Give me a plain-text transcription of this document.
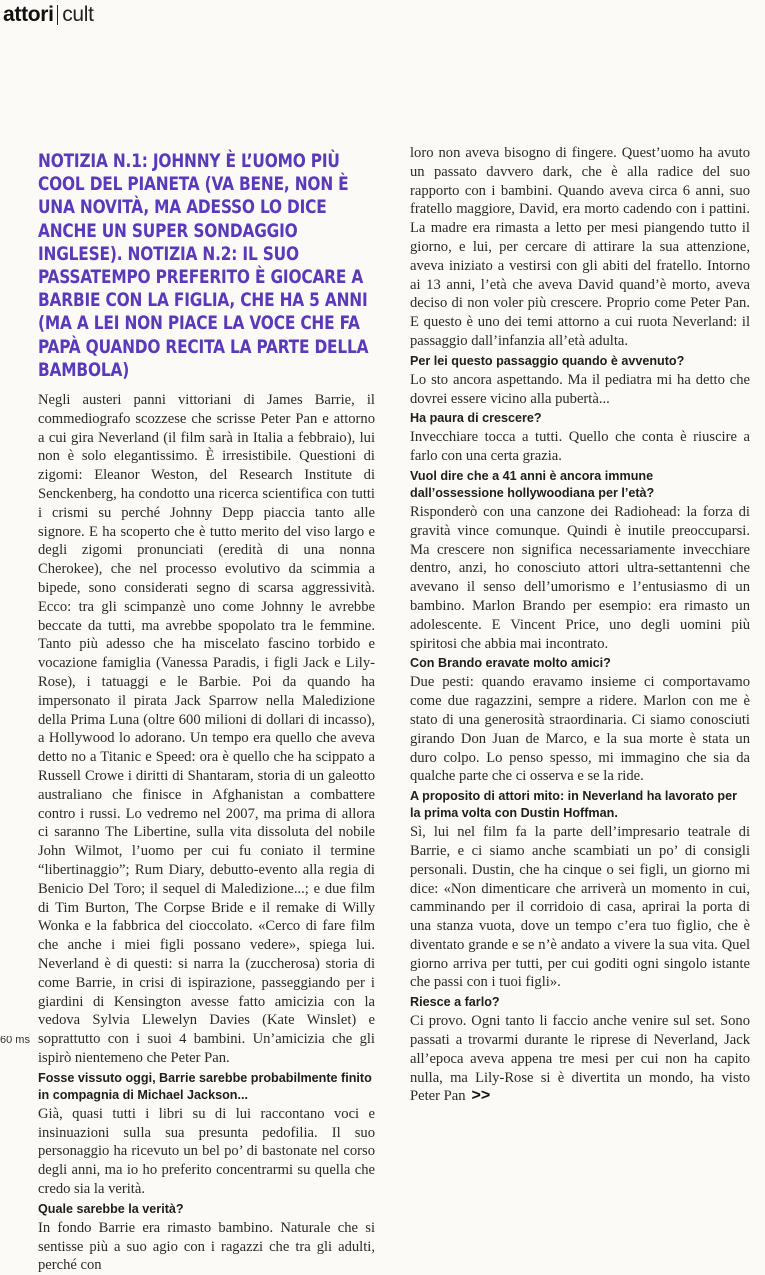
attori cult
NOTIZIA N.1: JOHNNY È L’UOMO PIÙ COOL DEL PIANETA (VA BENE, NON È UNA NOVITÀ, MA ADESSO LO DICE ANCHE UN SUPER SONDAGGIO INGLESE). NOTIZIA N.2: IL SUO PASSATEMPO PREFERITO È GIOCARE A BARBIE CON LA FIGLIA, CHE HA 5 ANNI (MA A LEI NON PIACE LA VOCE CHE FA PAPÀ QUANDO RECITA LA PARTE DELLA BAMBOLA)

Negli austeri panni vittoriani di James Barrie, il commediografo scozzese che scrisse Peter Pan e attorno a cui gira Neverland (il film sarà in Italia a febbraio), lui non è solo elegantissimo. È irresistibile. Questioni di zigomi: Eleanor Weston, del Research Institute di Senckenberg, ha condotto una ricerca scientifica con tutti i crismi su perché Johnny Depp piaccia tanto alle signore. E ha scoperto che è tutto merito del viso largo e degli zigomi pronunciati (eredità di una nonna Cherokee), che nel processo evolutivo da scimmia a bipede, sono considerati segno di scarsa aggressività. Ecco: tra gli scimpanzè uno come Johnny le avrebbe beccate da tutti, ma avrebbe spopolato tra le femmine. Tanto più adesso che ha miscelato fascino torbido e vocazione famiglia (Vanessa Paradis, i figli Jack e Lily-Rose), i tatuaggi e le Barbie. Poi da quando ha impersonato il pirata Jack Sparrow nella Maledizione della Prima Luna (oltre 600 milioni di dollari di incasso), a Hollywood lo adorano. Un tempo era quello che aveva detto no a Titanic e Speed: ora è quello che ha scippato a Russell Crowe i diritti di Shantaram, storia di un galeotto australiano che finisce in Afghanistan a combattere contro i russi. Lo vedremo nel 2007, ma prima di allora ci saranno The Libertine, sulla vita dissoluta del nobile John Wilmot, l’uomo per cui fu coniato il termine “libertinaggio”; Rum Diary, debutto-evento alla regia di Benicio Del Toro; il sequel di Maledizione...; e due film di Tim Burton, The Corpse Bride e il remake di Willy Wonka e la fabbrica del cioccolato. «Cerco di fare film che anche i miei figli possano vedere», spiega lui. Neverland è di questi: si narra la (zuccherosa) storia di come Barrie, in crisi di ispirazione, passeggiando per i giardini di Kensington avesse fatto amicizia con la vedova Sylvia Llewelyn Davies (Kate Winslet) e soprattutto con i suoi 4 bambini. Un’amicizia che gli ispirò nientemeno che Peter Pan.

Fosse vissuto oggi, Barrie sarebbe probabilmente finito in compagnia di Michael Jackson...

Già, quasi tutti i libri su di lui raccontano voci e insinuazioni sulla sua presunta pedofilia. Il suo personaggio ha ricevuto un bel po’ di bastonate nel corso degli anni, ma io ho preferito concentrarmi su quella che credo sia la verità.

Quale sarebbe la verità?

In fondo Barrie era rimasto bambino. Naturale che si sentisse più a suo agio con i ragazzi che tra gli adulti, perché con

loro non aveva bisogno di fingere. Quest’uomo ha avuto un passato davvero dark, che è alla radice del suo rapporto con i bambini. Quando aveva circa 6 anni, suo fratello maggiore, David, era morto cadendo con i pattini. La madre era rimasta a letto per mesi piangendo tutto il giorno, e lui, per cercare di attirare la sua attenzione, aveva iniziato a vestirsi con gli abiti del fratello. Intorno ai 13 anni, l’età che aveva David quand’è morto, aveva deciso di non voler più crescere. Proprio come Peter Pan. E questo è uno dei temi attorno a cui ruota Neverland: il passaggio dall’infanzia all’età adulta.

Per lei questo passaggio quando è avvenuto?

Lo sto ancora aspettando. Ma il pediatra mi ha detto che dovrei essere vicino alla pubertà...

Ha paura di crescere?

Invecchiare tocca a tutti. Quello che conta è riuscire a farlo con una certa grazia.

Vuol dire che a 41 anni è ancora immune dall’ossessione hollywoodiana per l’età?

Risponderò con una canzone dei Radiohead: la forza di gravità vince comunque. Quindi è inutile preoccuparsi. Ma crescere non significa necessariamente invecchiare dentro, anzi, ho conosciuto attori ultra-settantenni che avevano il senso dell’umorismo e l’entusiasmo di un bambino. Marlon Brando per esempio: era rimasto un adolescente. E Vincent Price, uno degli uomini più spiritosi che abbia mai incontrato.

Con Brando eravate molto amici?

Due pesti: quando eravamo insieme ci comportavamo come due ragazzini, sempre a ridere. Marlon con me è stato di una generosità straordinaria. Ci siamo conosciuti girando Don Juan de Marco, e la sua morte è stata un duro colpo. Lo penso spesso, mi immagino che sia da qualche parte che ci osserva e se la ride.

A proposito di attori mito: in Neverland ha lavorato per la prima volta con Dustin Hoffman.

Sì, lui nel film fa la parte dell’impresario teatrale di Barrie, e ci siamo anche scambiati un po’ di consigli personali. Dustin, che ha cinque o sei figli, un giorno mi dice: «Non dimenticare che arriverà un momento in cui, camminando per il corridoio di casa, aprirai la porta di una stanza vuota, dove un tempo c’era tuo figlio, che è diventato grande e se n’è andato a vivere la sua vita. Quel giorno arriva per tutti, per cui goditi ogni singolo istante che passi con i tuoi figli».

Riesce a farlo?

Ci provo. Ogni tanto li faccio anche venire sul set. Sono passati a trovarmi durante le riprese di Neverland, Jack all’epoca aveva appena tre mesi per cui non ha capito nulla, ma Lily-Rose si è divertita un mondo, ha visto Peter Pan >>

60 ms
